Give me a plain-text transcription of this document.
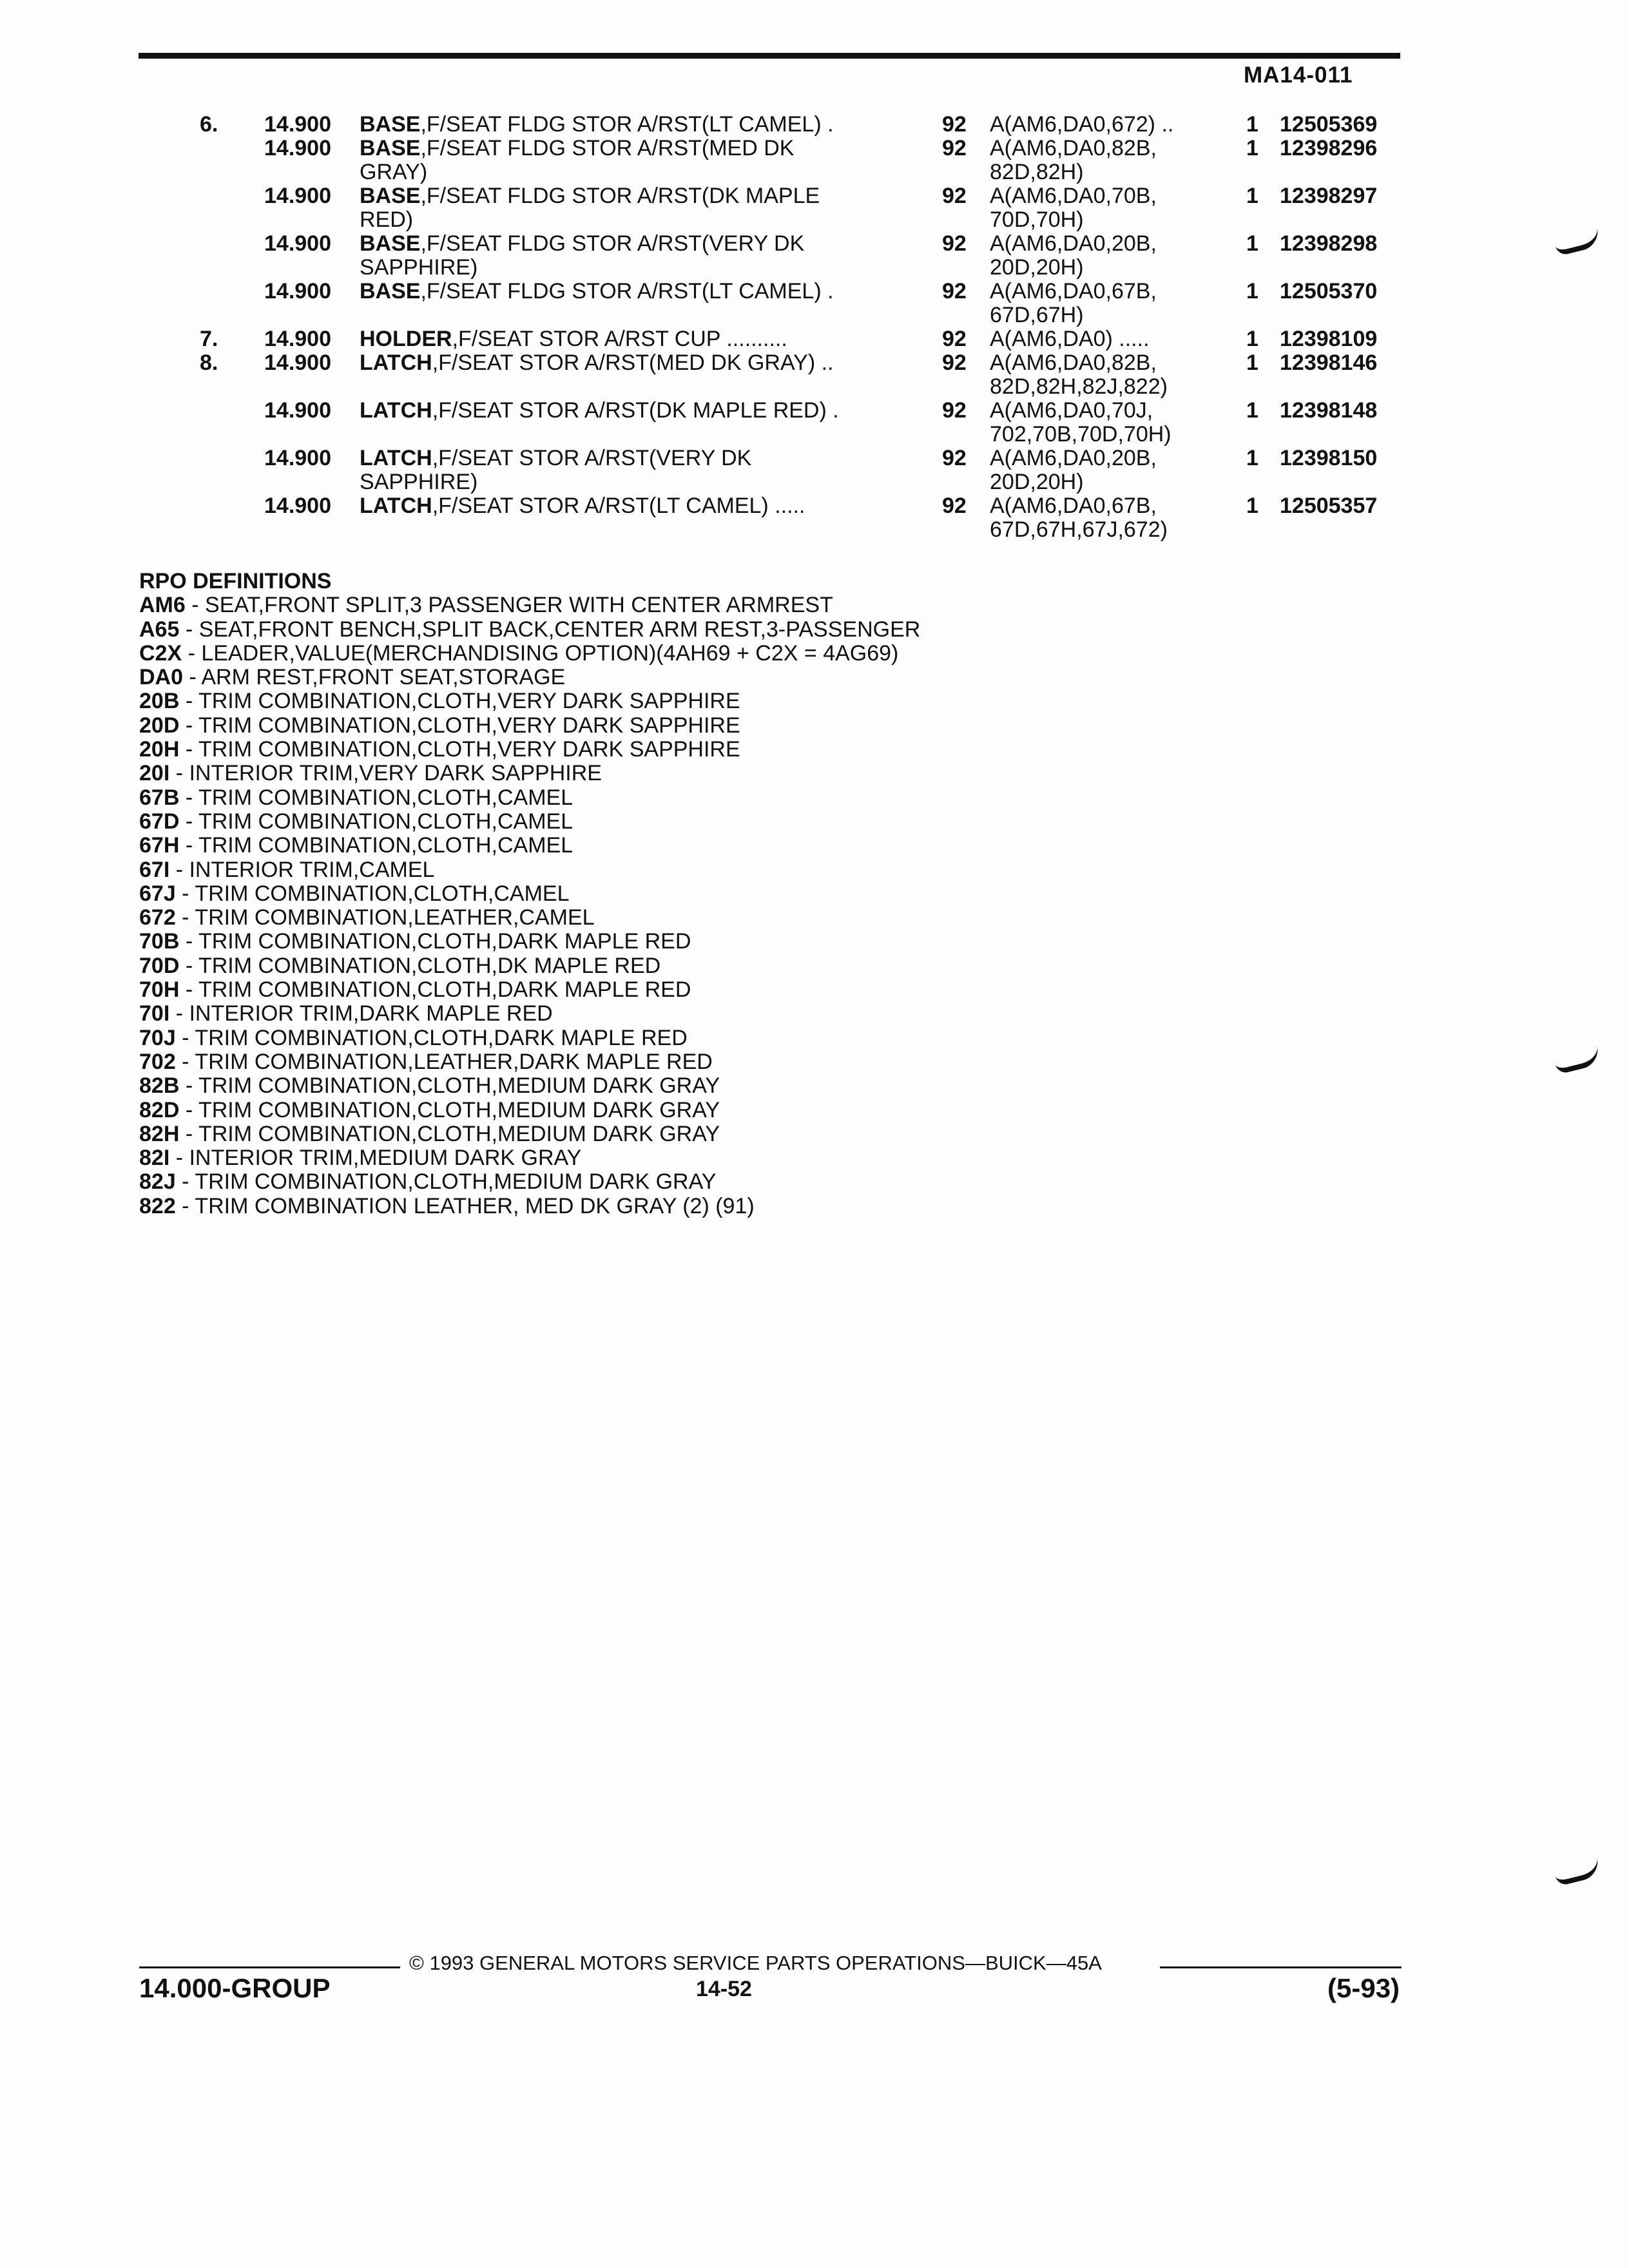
MA14-011
6. 14.900 BASE,F/SEAT FLDG STOR A/RST(LT CAMEL) .	92 A(AM6,DA0,672) ..	1 12505369
14.900 BASE,F/SEAT FLDG STOR A/RST(MED DK	92 A(AM6,DA0,82B,	1 12398296
GRAY)	82D,82H)
14.900 BASE,F/SEAT FLDG STOR A/RST(DK MAPLE	92 A(AM6,DA0,70B,	1 12398297
RED)	70D,70H)
14.900 BASE,F/SEAT FLDG STOR A/RST(VERY DK	92 A(AM6,DA0,20B,	1 12398298
SAPPHIRE)	20D,20H)
14.900 BASE,F/SEAT FLDG STOR A/RST(LT CAMEL) .	92 A(AM6,DA0,67B,	1 12505370
67D,67H)
7. 14.900 HOLDER,F/SEAT STOR A/RST CUP ..........	92 A(AM6,DA0) .....	1 12398109
8. 14.900 LATCH,F/SEAT STOR A/RST(MED DK GRAY) ..	92 A(AM6,DA0,82B,	1 12398146
82D,82H,82J,822)
14.900 LATCH,F/SEAT STOR A/RST(DK MAPLE RED) .	92 A(AM6,DA0,70J,	1 12398148
702,70B,70D,70H)
14.900 LATCH,F/SEAT STOR A/RST(VERY DK	92 A(AM6,DA0,20B,	1 12398150
SAPPHIRE)	20D,20H)
14.900 LATCH,F/SEAT STOR A/RST(LT CAMEL) .....	92 A(AM6,DA0,67B,	1 12505357
67D,67H,67J,672)
RPO DEFINITIONS
AM6 - SEAT,FRONT SPLIT,3 PASSENGER WITH CENTER ARMREST
A65 - SEAT,FRONT BENCH,SPLIT BACK,CENTER ARM REST,3-PASSENGER
C2X - LEADER,VALUE(MERCHANDISING OPTION)(4AH69 + C2X = 4AG69)
DA0 - ARM REST,FRONT SEAT,STORAGE
20B - TRIM COMBINATION,CLOTH,VERY DARK SAPPHIRE
20D - TRIM COMBINATION,CLOTH,VERY DARK SAPPHIRE
20H - TRIM COMBINATION,CLOTH,VERY DARK SAPPHIRE
20I - INTERIOR TRIM,VERY DARK SAPPHIRE
67B - TRIM COMBINATION,CLOTH,CAMEL
67D - TRIM COMBINATION,CLOTH,CAMEL
67H - TRIM COMBINATION,CLOTH,CAMEL
67I - INTERIOR TRIM,CAMEL
67J - TRIM COMBINATION,CLOTH,CAMEL
672 - TRIM COMBINATION,LEATHER,CAMEL
70B - TRIM COMBINATION,CLOTH,DARK MAPLE RED
70D - TRIM COMBINATION,CLOTH,DK MAPLE RED
70H - TRIM COMBINATION,CLOTH,DARK MAPLE RED
70I - INTERIOR TRIM,DARK MAPLE RED
70J - TRIM COMBINATION,CLOTH,DARK MAPLE RED
702 - TRIM COMBINATION,LEATHER,DARK MAPLE RED
82B - TRIM COMBINATION,CLOTH,MEDIUM DARK GRAY
82D - TRIM COMBINATION,CLOTH,MEDIUM DARK GRAY
82H - TRIM COMBINATION,CLOTH,MEDIUM DARK GRAY
82I - INTERIOR TRIM,MEDIUM DARK GRAY
82J - TRIM COMBINATION,CLOTH,MEDIUM DARK GRAY
822 - TRIM COMBINATION LEATHER, MED DK GRAY (2) (91)
© 1993 GENERAL MOTORS SERVICE PARTS OPERATIONS—BUICK—45A
14.000-GROUP	14-52	(5-93)
